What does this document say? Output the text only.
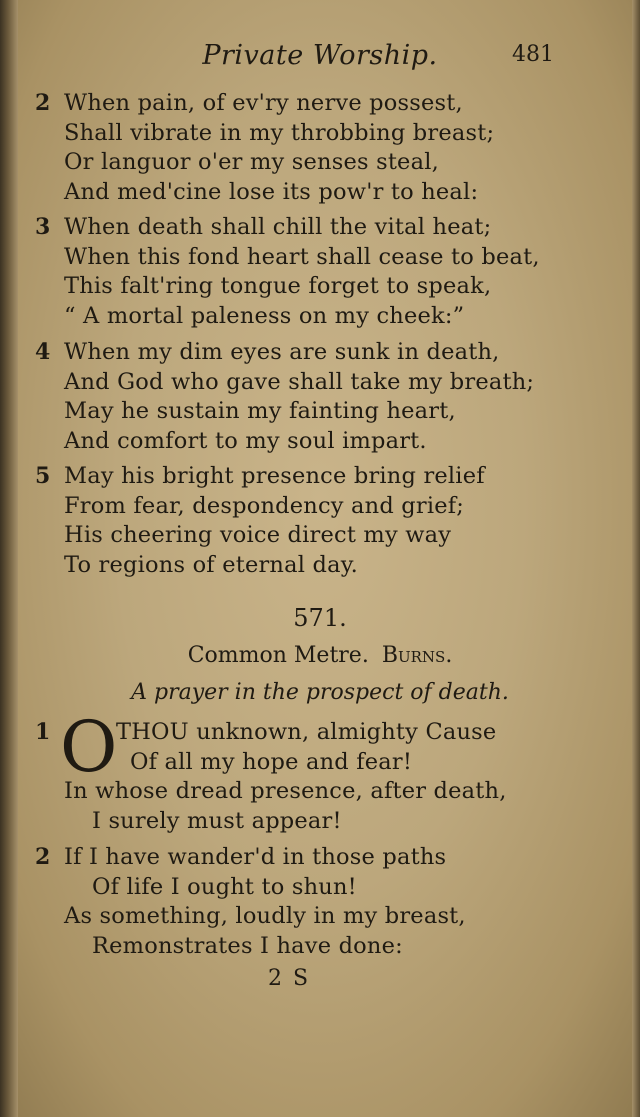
Private Worship.	481
2 When pain, of ev'ry nerve possest,
Shall vibrate in my throbbing breast;
Or languor o'er my senses steal,
And med'cine lose its pow'r to heal:
3 When death shall chill the vital heat;
When this fond heart shall cease to beat,
This falt'ring tongue forget to speak,
“ A mortal paleness on my cheek:”
4 When my dim eyes are sunk in death,
And God who gave shall take my breath;
May he sustain my fainting heart,
And comfort to my soul impart.
5 May his bright presence bring relief
From fear, despondency and grief;
His cheering voice direct my way
To regions of eternal day.
571.
Common Metre. Burns.
A prayer in the prospect of death.
1	THOU unknown, almighty Cause
Of all my hope and fear!
In whose dread presence, after death,
I surely must appear!
O
2 If I have wander'd in those paths
Of life I ought to shun!
As something, loudly in my breast,
Remonstrates I have done:
2 S
